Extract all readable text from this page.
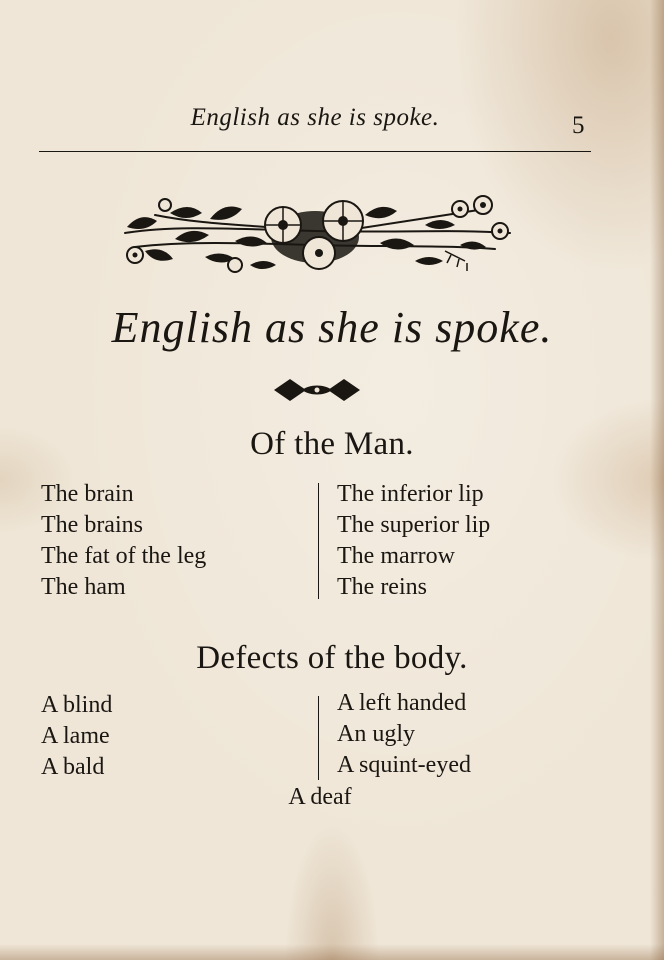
English as she is spoke.	5
English as she is spoke.
Of the Man.
The brain
The brains
The fat of the leg
The ham
The inferior lip
The superior lip
The marrow
The reins
Defects of the body.
A blind
A lame
A bald
A left handed
An ugly
A squint-eyed
A deaf
